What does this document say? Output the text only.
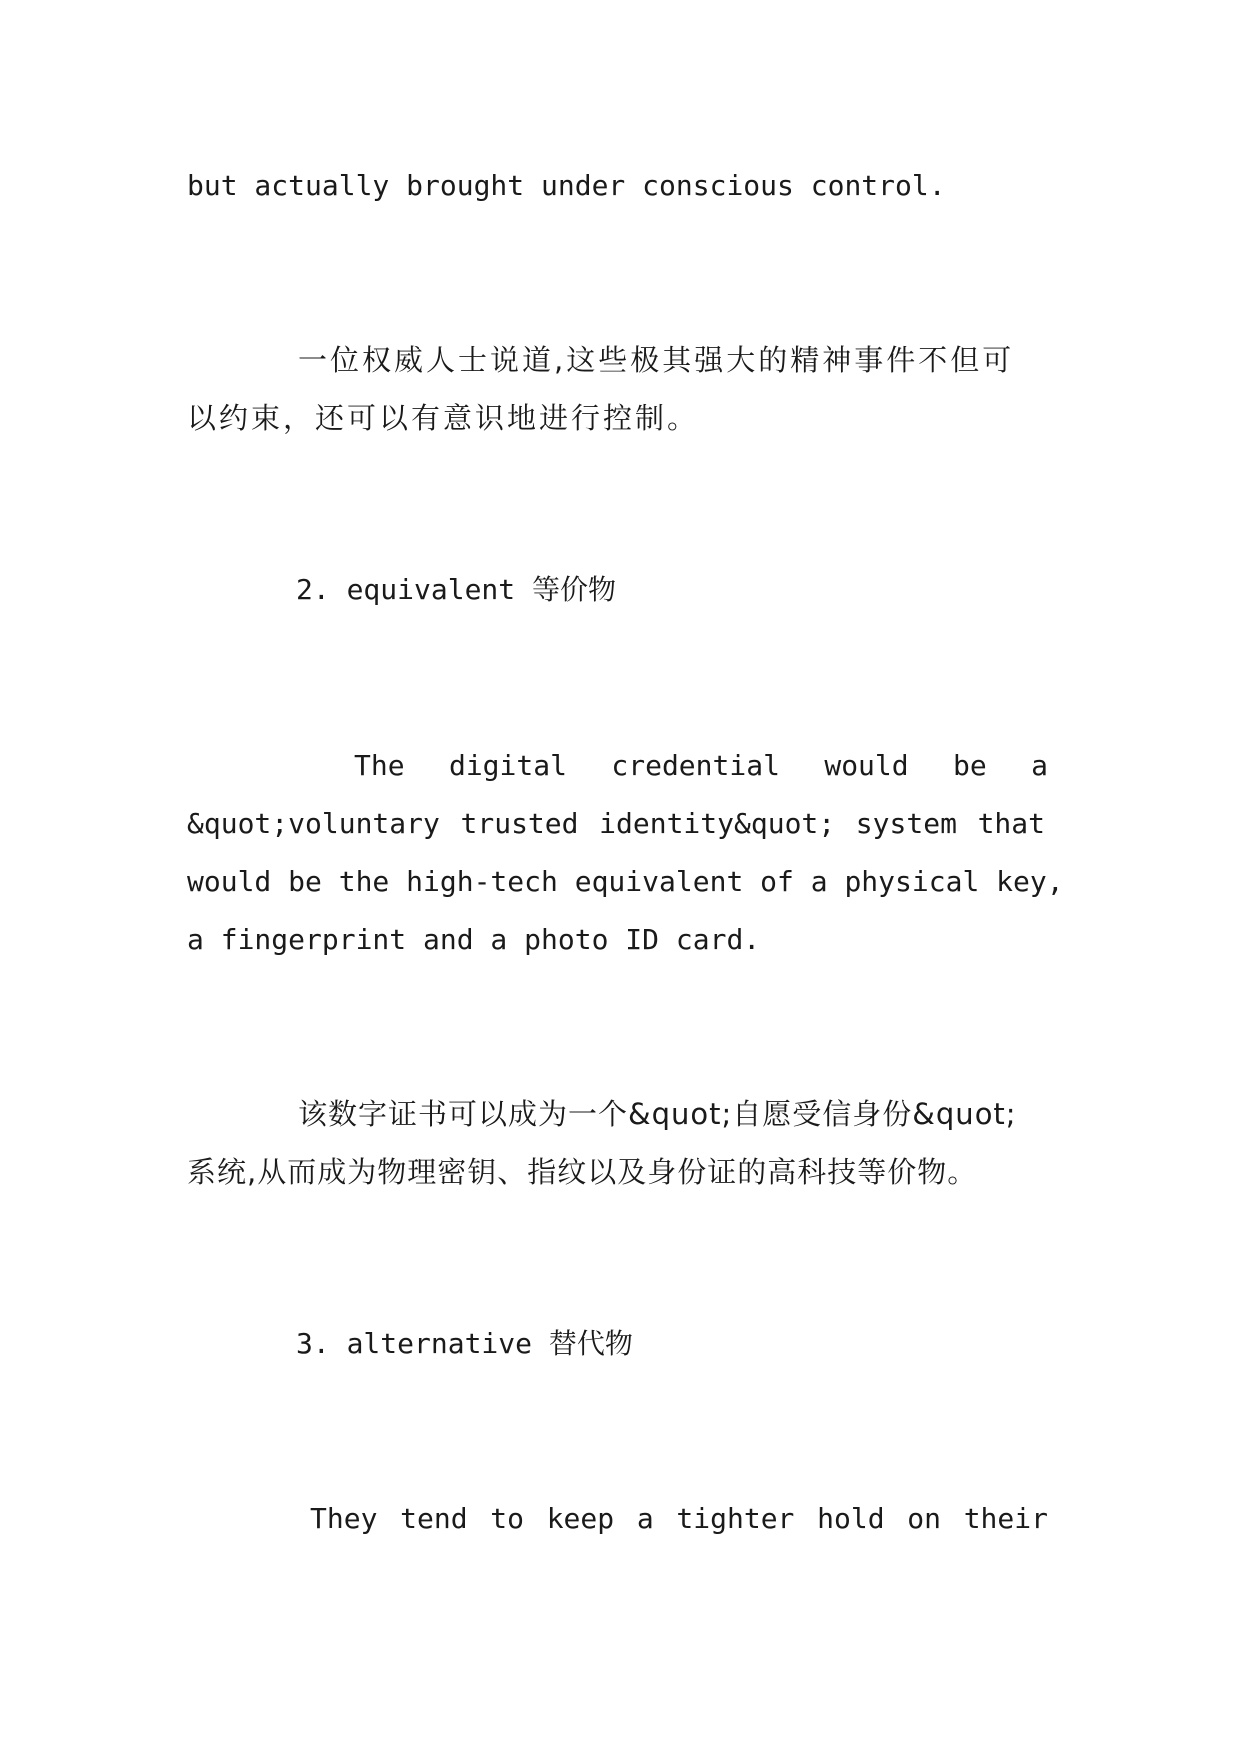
but actually brought under conscious control.

一位权威人士说道,这些极其强大的精神事件不但可

以约束，还可以有意识地进行控制。

2. equivalent 等价物

The digital credential would be a

&quot;voluntary trusted identity&quot; system that

would be the high-tech equivalent of a physical key,

a fingerprint and a photo ID card.

该数字证书可以成为一个&quot;自愿受信身份&quot;

系统,从而成为物理密钥、指纹以及身份证的高科技等价物。

3. alternative 替代物

They tend to keep a tighter hold on their
